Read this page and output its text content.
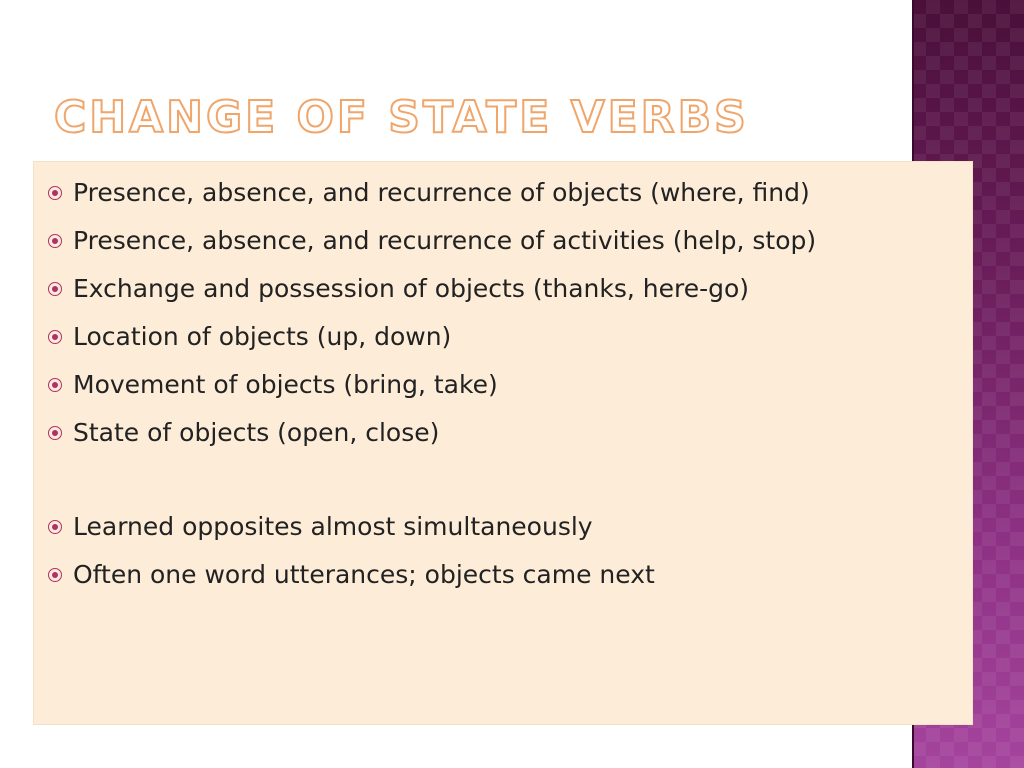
CHANGE OF STATE VERBS
Presence, absence, and recurrence of objects (where, find)
Presence, absence, and recurrence of activities (help, stop)
Exchange and possession of objects (thanks, here-go)
Location of objects (up, down)
Movement of objects (bring, take)
State of objects (open, close)
Learned opposites almost simultaneously
Often one word utterances; objects came next
